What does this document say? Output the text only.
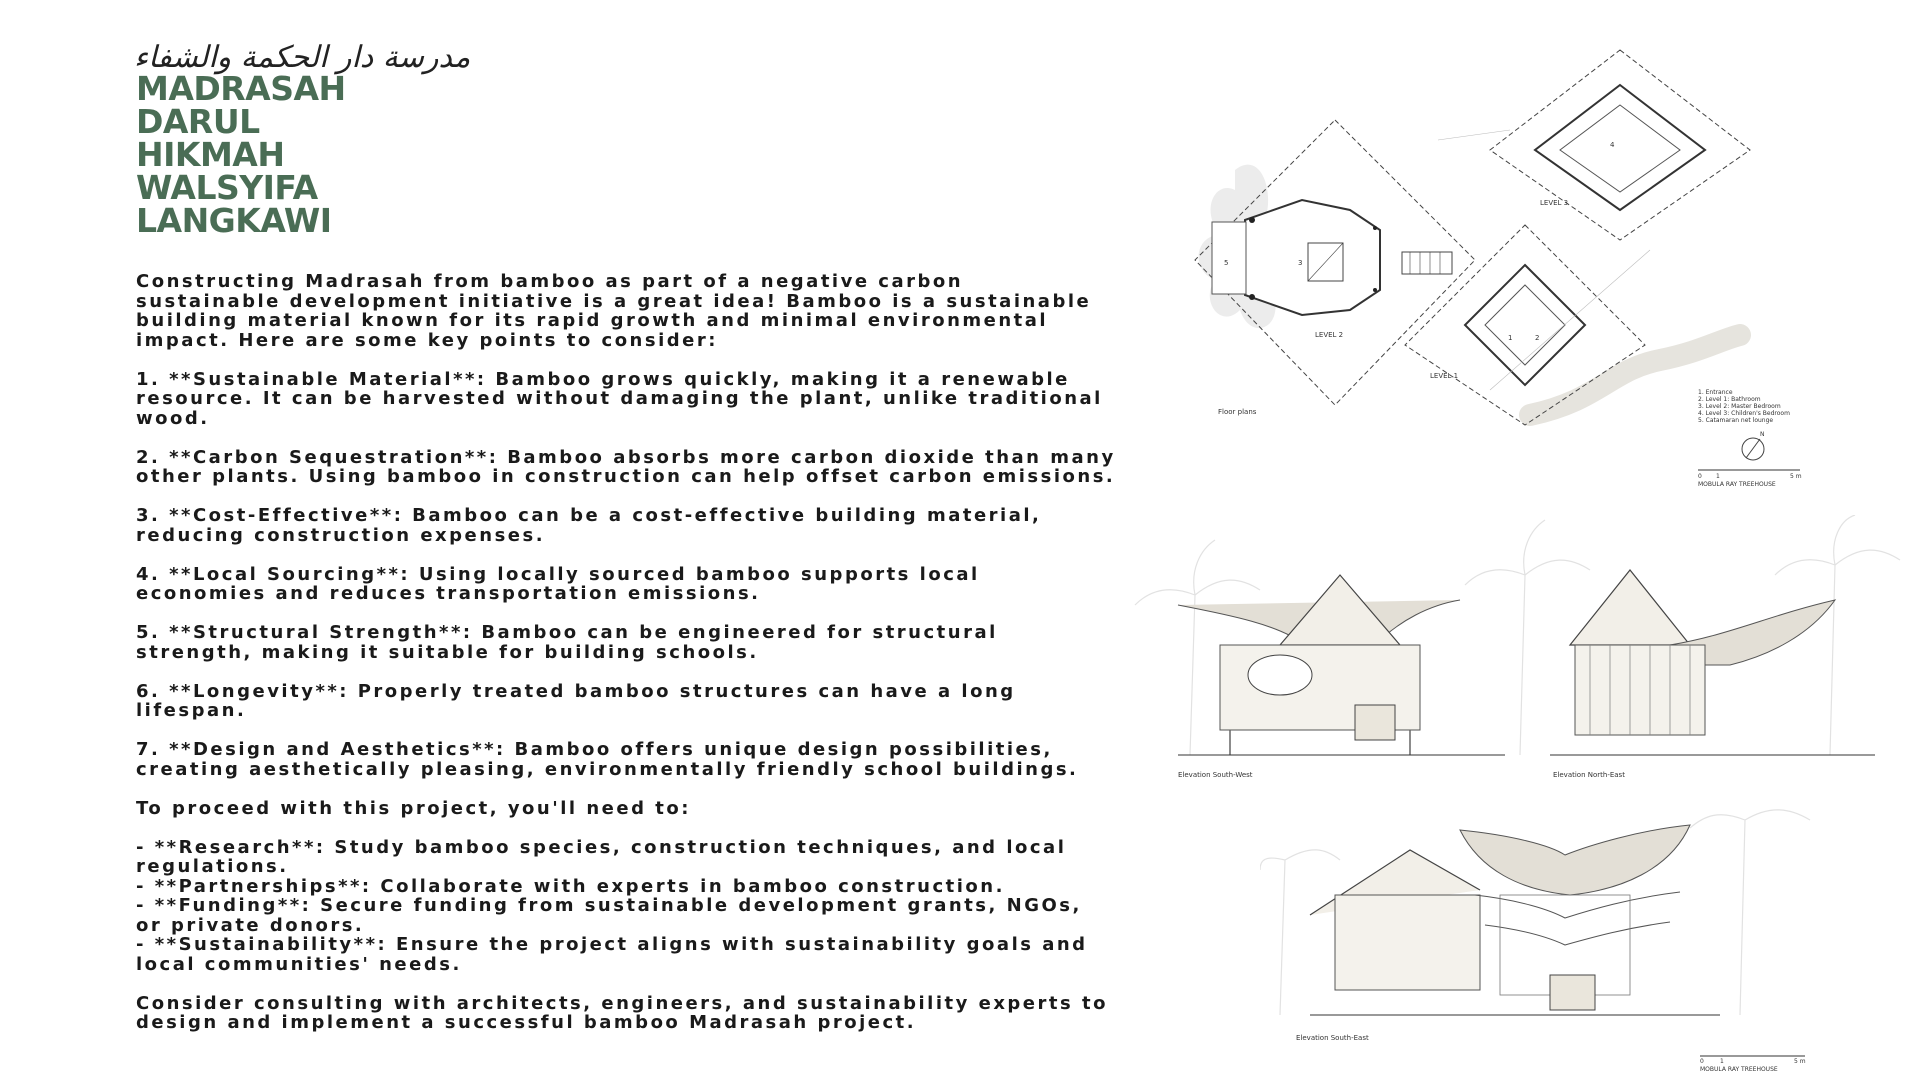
مدرسة دار الحكمة والشفاء
MADRASAH
DARUL
HIKMAH
WALSYIFA
LANGKAWI

Constructing Madrasah from bamboo as part of a negative carbon sustainable development initiative is a great idea! Bamboo is a sustainable building material known for its rapid growth and minimal environmental impact. Here are some key points to consider:

1. **Sustainable Material**: Bamboo grows quickly, making it a renewable resource. It can be harvested without damaging the plant, unlike traditional wood.

2. **Carbon Sequestration**: Bamboo absorbs more carbon dioxide than many other plants. Using bamboo in construction can help offset carbon emissions.

3. **Cost-Effective**: Bamboo can be a cost-effective building material, reducing construction expenses.

4. **Local Sourcing**: Using locally sourced bamboo supports local economies and reduces transportation emissions.

5. **Structural Strength**: Bamboo can be engineered for structural strength, making it suitable for building schools.

6. **Longevity**: Properly treated bamboo structures can have a long lifespan.

7. **Design and Aesthetics**: Bamboo offers unique design possibilities, creating aesthetically pleasing, environmentally friendly school buildings.

To proceed with this project, you'll need to:

- **Research**: Study bamboo species, construction techniques, and local regulations.
- **Partnerships**: Collaborate with experts in bamboo construction.
- **Funding**: Secure funding from sustainable development grants, NGOs, or private donors.
- **Sustainability**: Ensure the project aligns with sustainability goals and local communities' needs.

Consider consulting with architects, engineers, and sustainability experts to design and implement a successful bamboo Madrasah project.

5	3
4
1	2
LEVEL 3
LEVEL 2
LEVEL 1
Floor plans
1. Entrance
2. Level 1: Bathroom
3. Level 2: Master Bedroom
4. Level 3: Children's Bedroom
5. Catamaran net lounge
N
0 1	5 m
MOBULA RAY TREEHOUSE
Elevation South-West	Elevation North-East
Elevation South-East
0	1	5 m
MOBULA RAY TREEHOUSE
